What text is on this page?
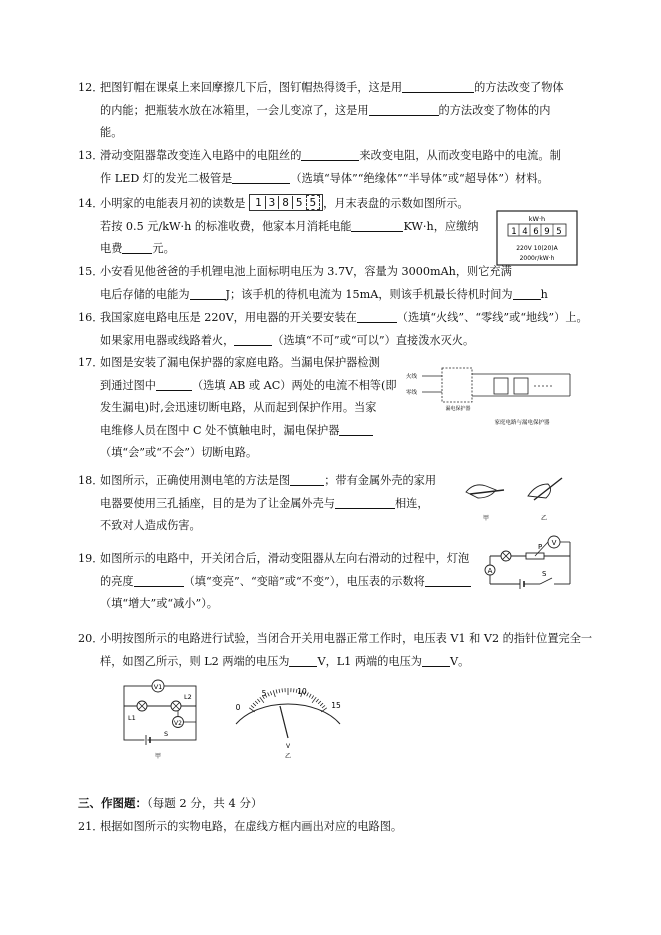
12．
把图钉帽在课桌上来回摩擦几下后，图钉帽热得烫手，这是用	的方法改变了物体
的内能；把瓶装水放在冰箱里，一会儿变凉了，这是用	的方法改变了物体的内
能。
13．
滑动变阻器靠改变连入电路中的电阻丝的	来改变电阻，从而改变电路中的电流。制
作 LED 灯的发光二极管是	（选填“导体”“绝缘体”“半导体”或“超导体”）材料。
14．
小明家的电能表月初的读数是 1 3 8 5 5 ，月末表盘的示数如图所示。
若按 0.5 元/kW·h 的标准收费，他家本月消耗电能	KW·h，应缴纳
电费	元。
kW·h
1 4 6 9 5
220V 10(20)A
2000r/kW·h
15．
小安看见他爸爸的手机锂电池上面标明电压为 3.7V，容量为 3000mAh，则它充满
电后存储的电能为	J；该手机的待机电流为 15mA，则该手机最长待机时间为	h
16．
我国家庭电路电压是 220V，用电器的开关要安装在	（选填“火线”、“零线”或“地线”）上。
如果家用电器或线路着火，	（选填“不可”或“可以”）直接泼水灭火。
17．
如图是安装了漏电保护器的家庭电路。当漏电保护器检测
到通过图中	（选填 AB 或 AC）两处的电流不相等(即
发生漏电)时,会迅速切断电路，从而起到保护作用。当家
电维修人员在图中 C 处不慎触电时，漏电保护器
（填“会”或“不会”）切断电路。
火线
零线
漏电保护器
家庭电路与漏电保护器
18．
如图所示，正确使用测电笔的方法是图	；带有金属外壳的家用
电器要使用三孔插座，目的是为了让金属外壳与	相连，
不致对人造成伤害。
甲	乙
19．
如图所示的电路中，开关闭合后，滑动变阻器从左向右滑动的过程中，灯泡
的亮度	（填“变亮”、“变暗”或“不变”），电压表的示数将
（填“增大”或“减小”）。
V
P
A	S
20．
小明按图所示的电路进行试验，当闭合开关用电器正常工作时，电压表 V1 和 V2 的指针位置完全一
样，如图乙所示，则 L2 两端的电压为	V，L1 两端的电压为	V。
V1
L1
L2
V2
S
甲
0
5	10
15
V
乙
三、作图题：（每题 2 分，共 4 分）
21．
根据如图所示的实物电路，在虚线方框内画出对应的电路图。
